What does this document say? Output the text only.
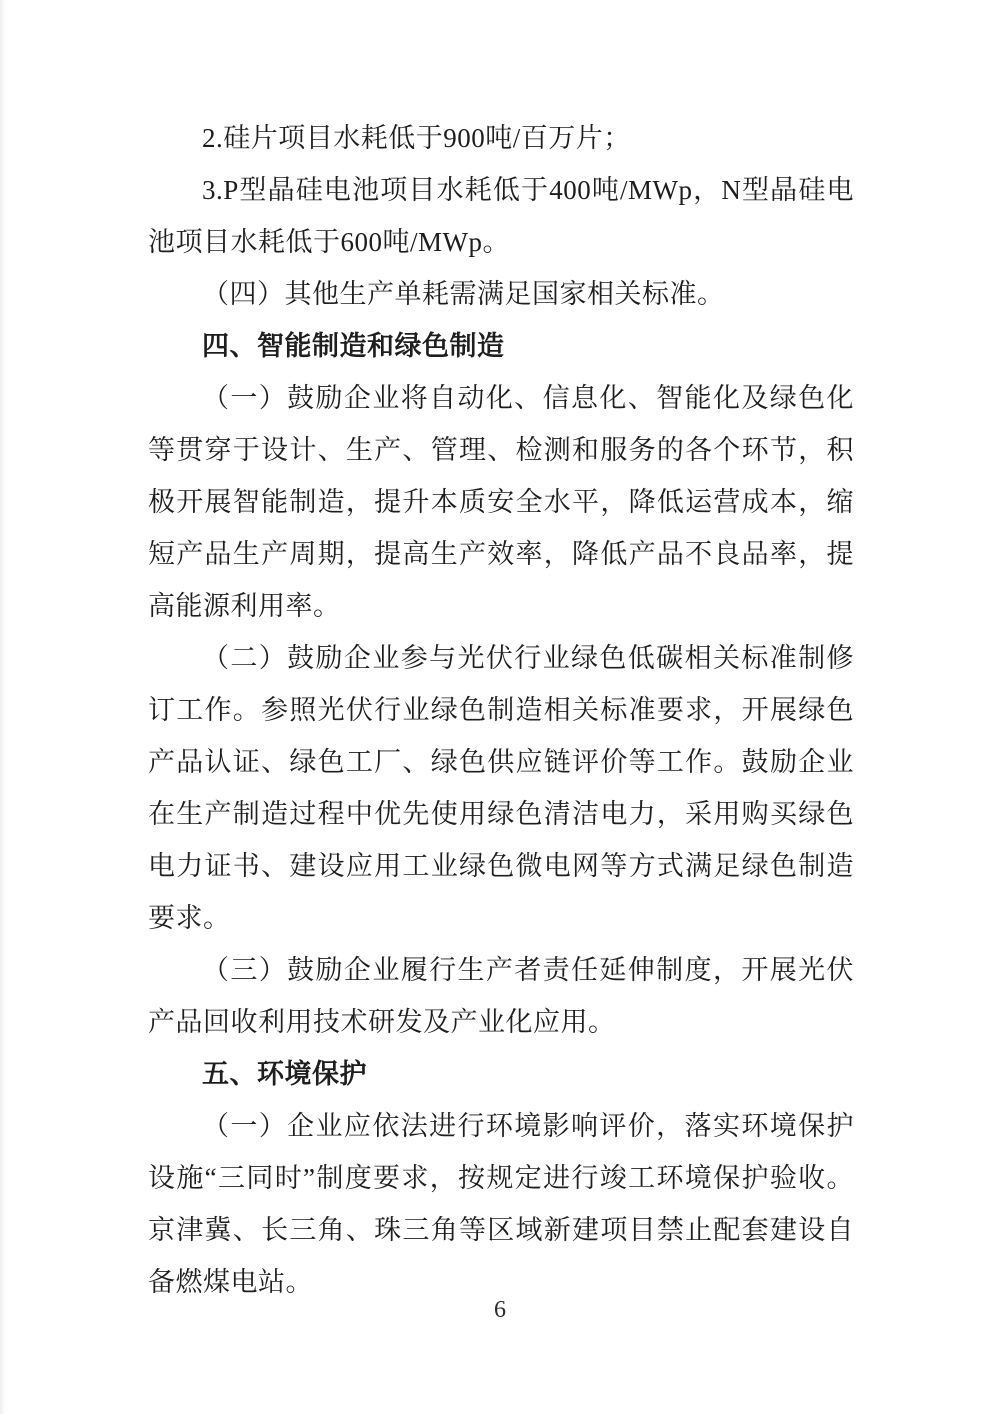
2.硅片项目水耗低于900吨/百万片；

3.P型晶硅电池项目水耗低于400吨/MWp，N型晶硅电池项目水耗低于600吨/MWp。

（四）其他生产单耗需满足国家相关标准。

四、智能制造和绿色制造

（一）鼓励企业将自动化、信息化、智能化及绿色化等贯穿于设计、生产、管理、检测和服务的各个环节，积极开展智能制造，提升本质安全水平，降低运营成本，缩短产品生产周期，提高生产效率，降低产品不良品率，提高能源利用率。

（二）鼓励企业参与光伏行业绿色低碳相关标准制修订工作。参照光伏行业绿色制造相关标准要求，开展绿色产品认证、绿色工厂、绿色供应链评价等工作。鼓励企业在生产制造过程中优先使用绿色清洁电力，采用购买绿色电力证书、建设应用工业绿色微电网等方式满足绿色制造要求。

（三）鼓励企业履行生产者责任延伸制度，开展光伏产品回收利用技术研发及产业化应用。

五、环境保护

（一）企业应依法进行环境影响评价，落实环境保护设施“三同时”制度要求，按规定进行竣工环境保护验收。京津冀、长三角、珠三角等区域新建项目禁止配套建设自备燃煤电站。

6
